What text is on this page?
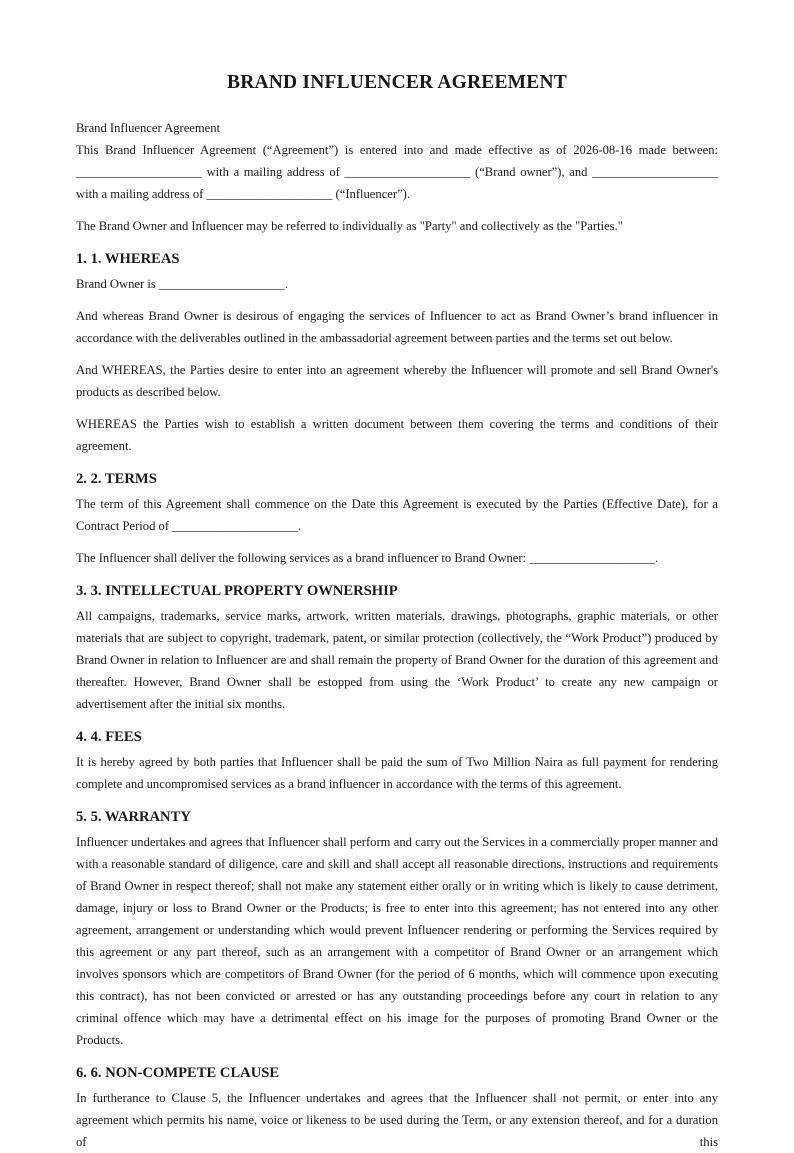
BRAND INFLUENCER AGREEMENT

Brand Influencer Agreement

This Brand Influencer Agreement (“Agreement”) is entered into and made effective as of 2026-08-16 made between: ____________________ with a mailing address of ____________________ (“Brand owner”), and ____________________ with a mailing address of ____________________ (“Influencer”).

The Brand Owner and Influencer may be referred to individually as "Party" and collectively as the "Parties."

1. 1. WHEREAS

Brand Owner is ____________________.

And whereas Brand Owner is desirous of engaging the services of Influencer to act as Brand Owner’s brand influencer in accordance with the deliverables outlined in the ambassadorial agreement between parties and the terms set out below.

And WHEREAS, the Parties desire to enter into an agreement whereby the Influencer will promote and sell Brand Owner's products as described below.

WHEREAS the Parties wish to establish a written document between them covering the terms and conditions of their agreement.

2. 2. TERMS

The term of this Agreement shall commence on the Date this Agreement is executed by the Parties (Effective Date), for a Contract Period of ____________________.

The Influencer shall deliver the following services as a brand influencer to Brand Owner: ____________________.

3. 3. INTELLECTUAL PROPERTY OWNERSHIP

All campaigns, trademarks, service marks, artwork, written materials, drawings, photographs, graphic materials, or other materials that are subject to copyright, trademark, patent, or similar protection (collectively, the “Work Product”) produced by Brand Owner in relation to Influencer are and shall remain the property of Brand Owner for the duration of this agreement and thereafter. However, Brand Owner shall be estopped from using the ‘Work Product’ to create any new campaign or advertisement after the initial six months.

4. 4. FEES

It is hereby agreed by both parties that Influencer shall be paid the sum of Two Million Naira as full payment for rendering complete and uncompromised services as a brand influencer in accordance with the terms of this agreement.

5. 5. WARRANTY

Influencer undertakes and agrees that Influencer shall perform and carry out the Services in a commercially proper manner and with a reasonable standard of diligence, care and skill and shall accept all reasonable directions, instructions and requirements of Brand Owner in respect thereof; shall not make any statement either orally or in writing which is likely to cause detriment, damage, injury or loss to Brand Owner or the Products; is free to enter into this agreement; has not entered into any other agreement, arrangement or understanding which would prevent Influencer rendering or performing the Services required by this agreement or any part thereof, such as an arrangement with a competitor of Brand Owner or an arrangement which involves sponsors which are competitors of Brand Owner (for the period of 6 months, which will commence upon executing this contract), has not been convicted or arrested or has any outstanding proceedings before any court in relation to any criminal offence which may have a detrimental effect on his image for the purposes of promoting Brand Owner or the Products.

6. 6. NON-COMPETE CLAUSE

In furtherance to Clause 5, the Influencer undertakes and agrees that the Influencer shall not permit, or enter into any agreement which permits his name, voice or likeness to be used during the Term, or any extension thereof, and for a duration of this
